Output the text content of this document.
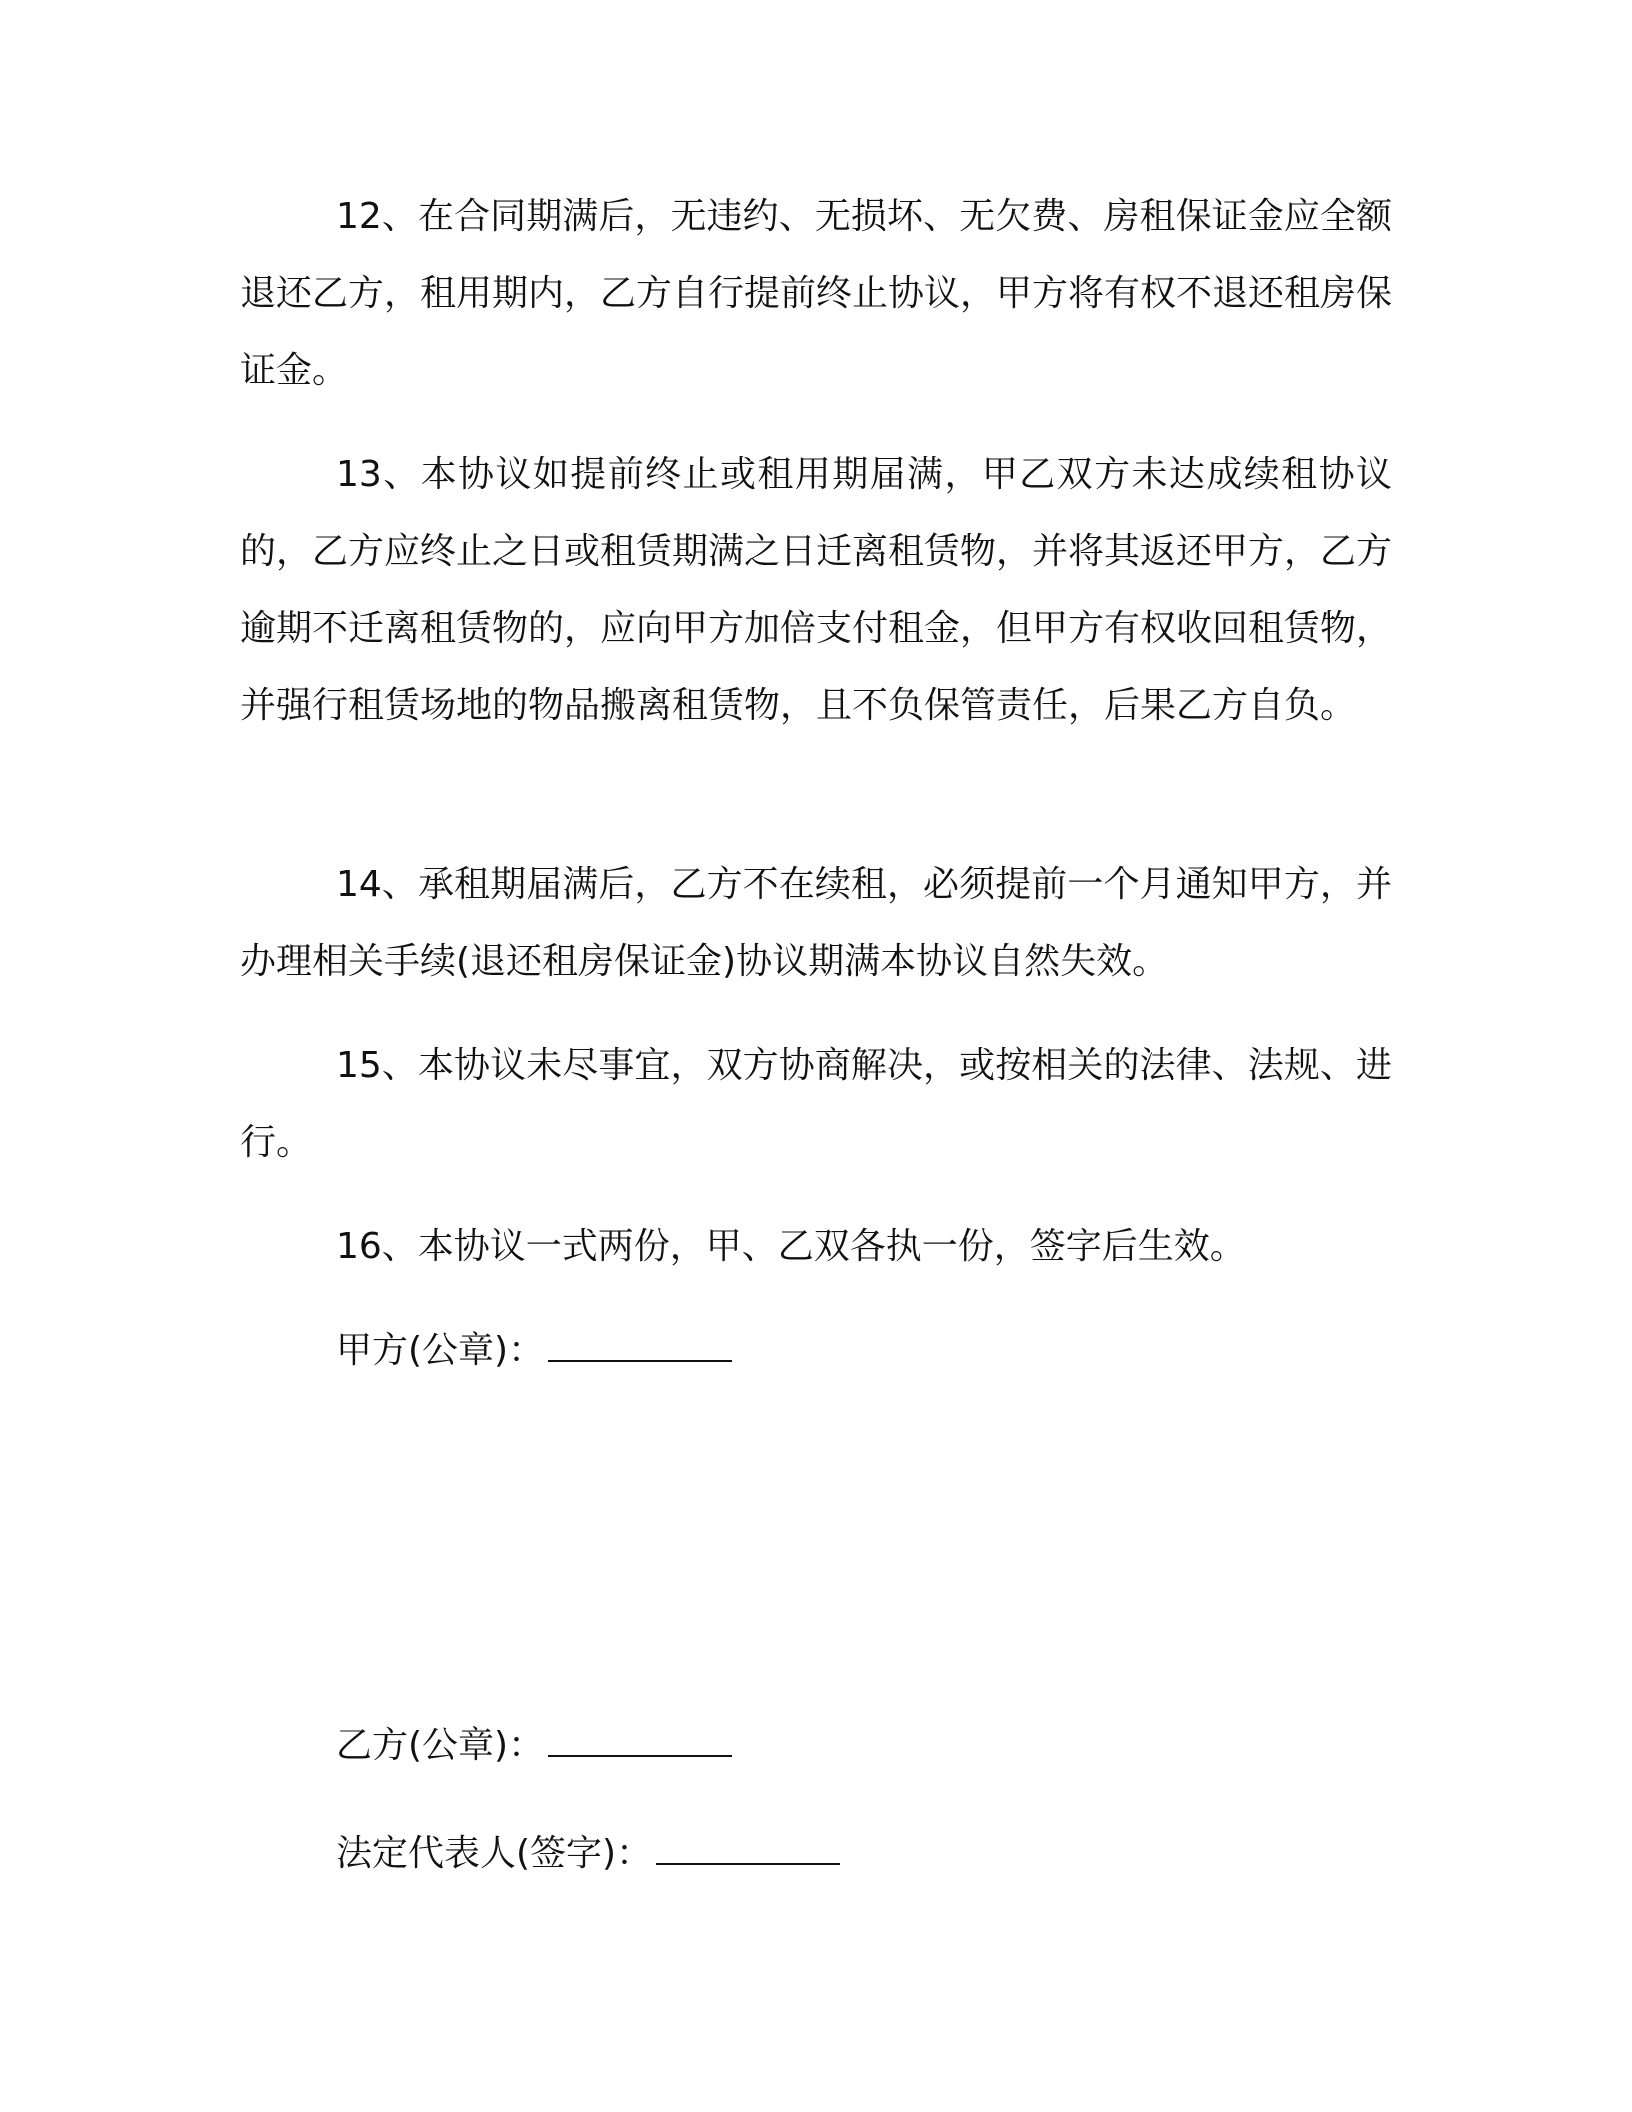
12、在合同期满后，无违约、无损坏、无欠费、房租保证金应全额退还乙方，租用期内，乙方自行提前终止协议，甲方将有权不退还租房保证金。

13、本协议如提前终止或租用期届满，甲乙双方未达成续租协议的，乙方应终止之日或租赁期满之日迁离租赁物，并将其返还甲方，乙方逾期不迁离租赁物的，应向甲方加倍支付租金，但甲方有权收回租赁物，并强行租赁场地的物品搬离租赁物，且不负保管责任，后果乙方自负。

14、承租期届满后，乙方不在续租，必须提前一个月通知甲方，并办理相关手续(退还租房保证金)协议期满本协议自然失效。

15、本协议未尽事宜，双方协商解决，或按相关的法律、法规、进行。

16、本协议一式两份，甲、乙双各执一份，签字后生效。

甲方(公章)：
乙方(公章)：
法定代表人(签字)：
